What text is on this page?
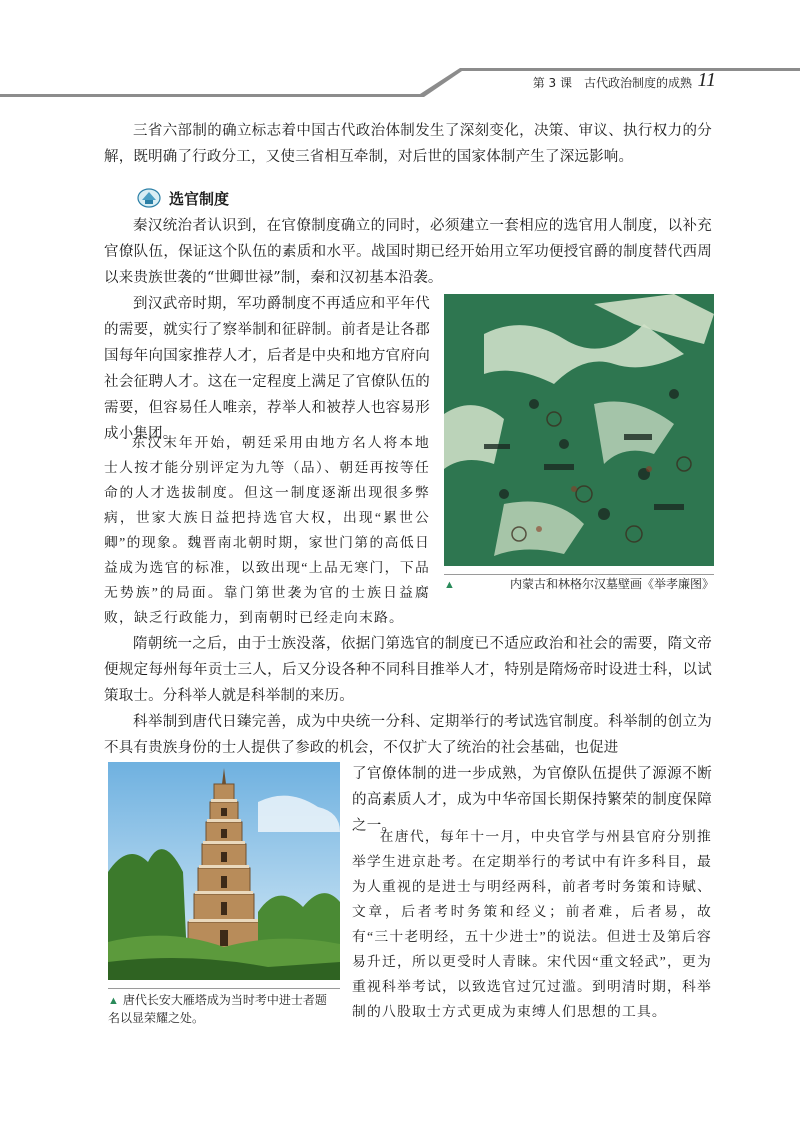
第 3 课　古代政治制度的成熟 11

三省六部制的确立标志着中国古代政治体制发生了深刻变化，决策、审议、执行权力的分解，既明确了行政分工，又使三省相互牵制，对后世的国家体制产生了深远影响。

选官制度

秦汉统治者认识到，在官僚制度确立的同时，必须建立一套相应的选官用人制度，以补充官僚队伍，保证这个队伍的素质和水平。战国时期已经开始用立军功便授官爵的制度替代西周以来贵族世袭的“世卿世禄”制，秦和汉初基本沿袭。

到汉武帝时期，军功爵制度不再适应和平年代的需要，就实行了察举制和征辟制。前者是让各郡国每年向国家推荐人才，后者是中央和地方官府向社会征聘人才。这在一定程度上满足了官僚队伍的需要，但容易任人唯亲，荐举人和被荐人也容易形成小集团。

东汉末年开始，朝廷采用由地方名人将本地士人按才能分别评定为九等（品）、朝廷再按等任命的人才选拔制度。但这一制度逐渐出现很多弊病，世家大族日益把持选官大权，出现“累世公卿”的现象。魏晋南北朝时期，家世门第的高低日益成为选官的标准，以致出现“上品无寒门，下品无势族”的局面。靠门第世袭为官的士族日益腐败，缺乏行政能力，到南朝时已经走向末路。

▲	内蒙古和林格尔汉墓壁画《举孝廉图》

隋朝统一之后，由于士族没落，依据门第选官的制度已不适应政治和社会的需要，隋文帝便规定每州每年贡士三人，后又分设各种不同科目推举人才，特别是隋炀帝时设进士科，以试策取士。分科举人就是科举制的来历。

科举制到唐代日臻完善，成为中央统一分科、定期举行的考试选官制度。科举制的创立为不具有贵族身份的士人提供了参政的机会，不仅扩大了统治的社会基础，也促进

了官僚体制的进一步成熟，为官僚队伍提供了源源不断的高素质人才，成为中华帝国长期保持繁荣的制度保障之一。

在唐代，每年十一月，中央官学与州县官府分别推举学生进京赴考。在定期举行的考试中有许多科目，最为人重视的是进士与明经两科，前者考时务策和诗赋、文章，后者考时务策和经义；前者难，后者易，故有“三十老明经，五十少进士”的说法。但进士及第后容易升迁，所以更受时人青睐。宋代因“重文轻武”，更为重视科举考试，以致选官过冗过滥。到明清时期，科举制的八股取士方式更成为束缚人们思想的工具。

▲ 唐代长安大雁塔成为当时考中进士者题
名以显荣耀之处。
